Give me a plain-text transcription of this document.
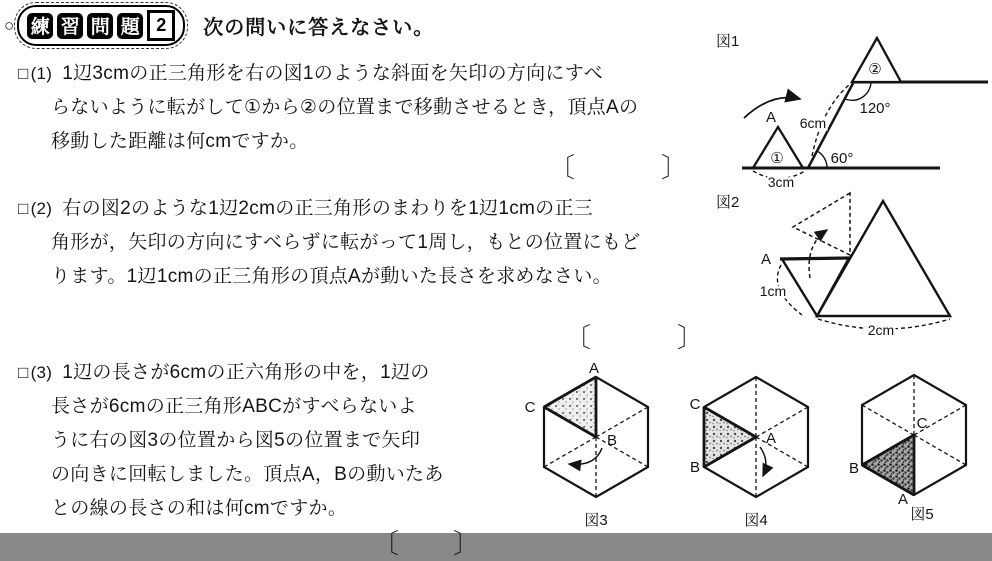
○ 練 習 問 題 2	次の問いに答えなさい。
□ (1) 1辺3cmの正三角形を右の図1のような斜面を矢印の方向にすべ
らないように転がして①から②の位置まで移動させるとき，頂点Aの
移動した距離は何cmですか。
〔	〕
□ (2) 右の図2のような1辺2cmの正三角形のまわりを1辺1cmの正三
角形が，矢印の方向にすべらずに転がって1周し，もとの位置にもど
ります。1辺1cmの正三角形の頂点Aが動いた長さを求めなさい。
〔	〕
□ (3) 1辺の長さが6cmの正六角形の中を，1辺の
長さが6cmの正三角形ABCがすべらないよ
うに右の図3の位置から図5の位置まで矢印
の向きに回転しました。頂点A，Bの動いたあ
との線の長さの和は何cmですか。
〔 〕
図1
②
①
A 6cm
60°
120°
3cm
図2
A
1cm
2cm
A
C
B
図3
C
B
A
図4
C
B
A
図5
